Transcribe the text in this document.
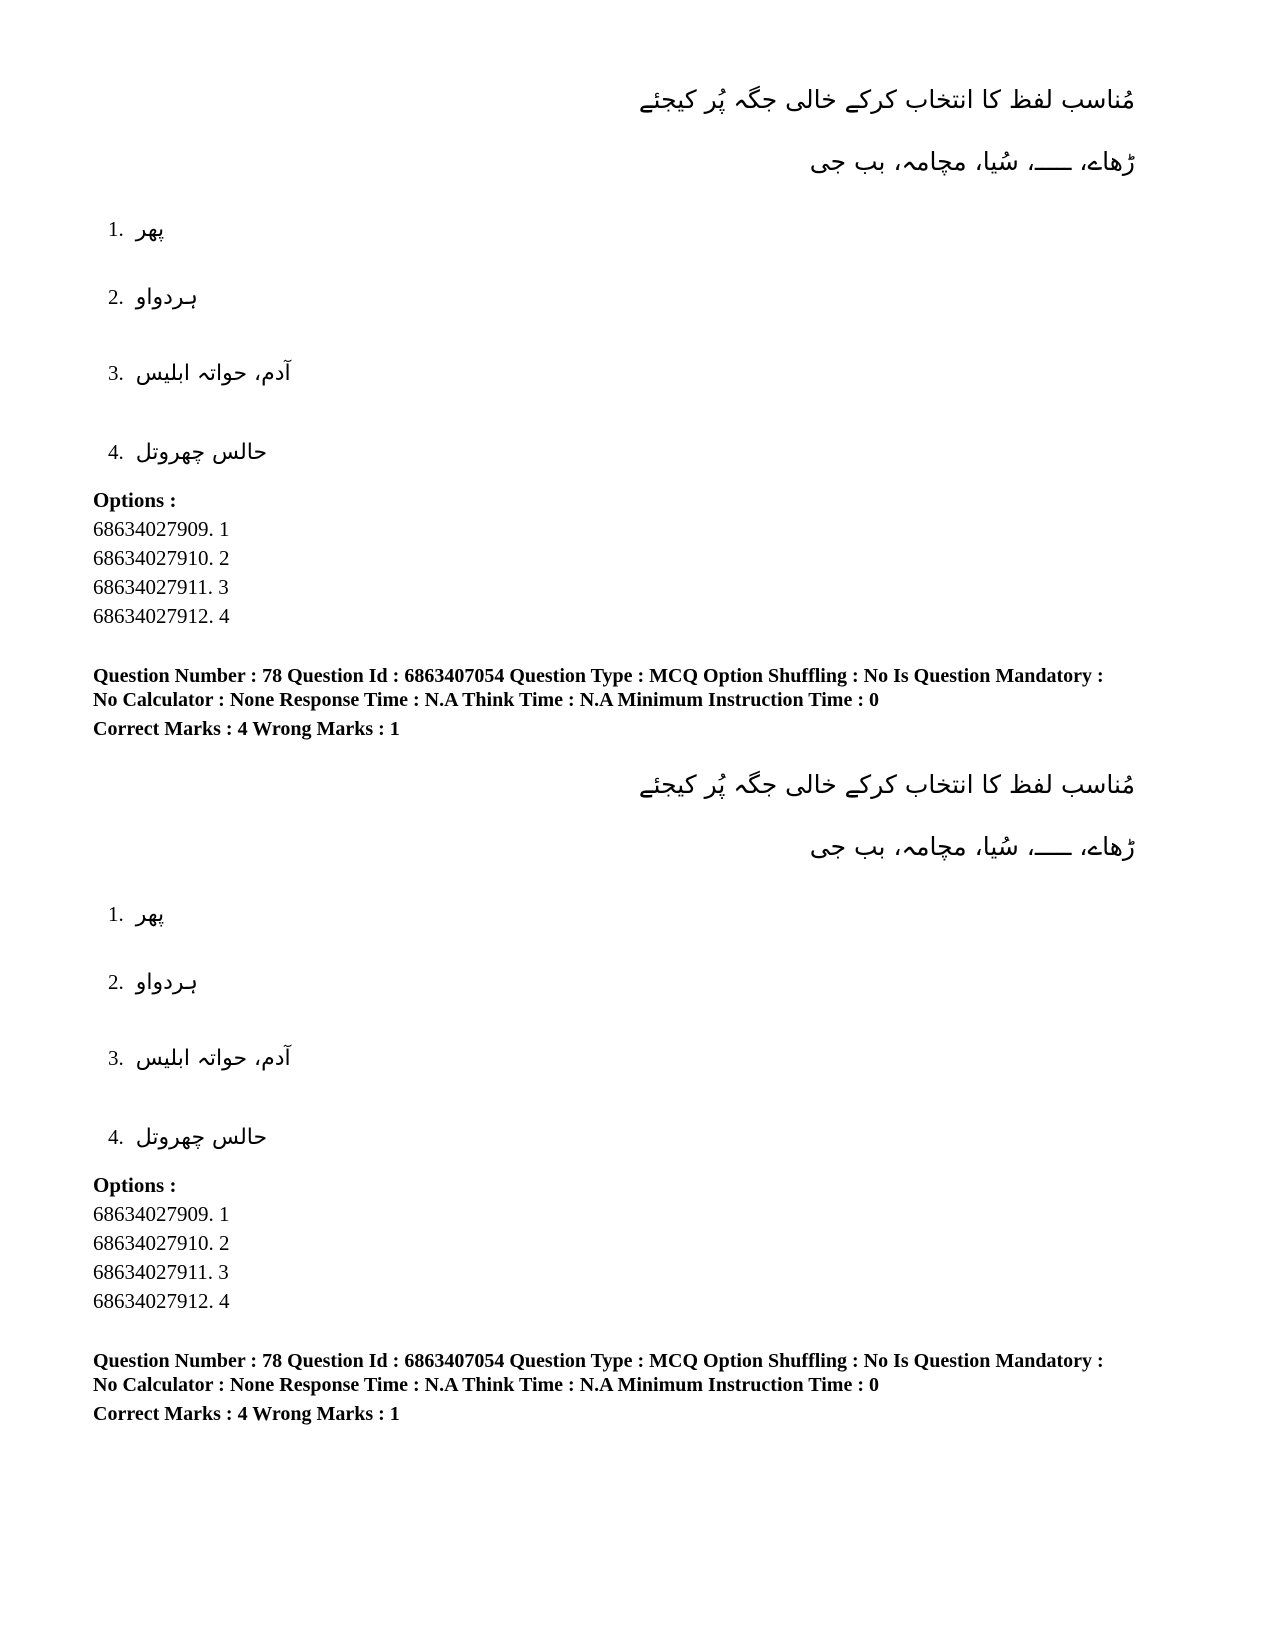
مُناسب لفظ کا انتخاب کرکے خالی جگہ پُر کیجئے
ڑھاے، ـــــ، سُیا، مچامہ، بب جی
1. پھر
2. ہردواو
3. آدم، حواتہ ابلیس
4. حالس چھروتل
Options :
68634027909. 1
68634027910. 2
68634027911. 3
68634027912. 4
Question Number : 78 Question Id : 6863407054 Question Type : MCQ Option Shuffling : No Is Question Mandatory :
No Calculator : None Response Time : N.A Think Time : N.A Minimum Instruction Time : 0
Correct Marks : 4 Wrong Marks : 1
مُناسب لفظ کا انتخاب کرکے خالی جگہ پُر کیجئے
ڑھاے، ـــــ، سُیا، مچامہ، بب جی
1. پھر
2. ہردواو
3. آدم، حواتہ ابلیس
4. حالس چھروتل
Options :
68634027909. 1
68634027910. 2
68634027911. 3
68634027912. 4
Question Number : 78 Question Id : 6863407054 Question Type : MCQ Option Shuffling : No Is Question Mandatory :
No Calculator : None Response Time : N.A Think Time : N.A Minimum Instruction Time : 0
Correct Marks : 4 Wrong Marks : 1
